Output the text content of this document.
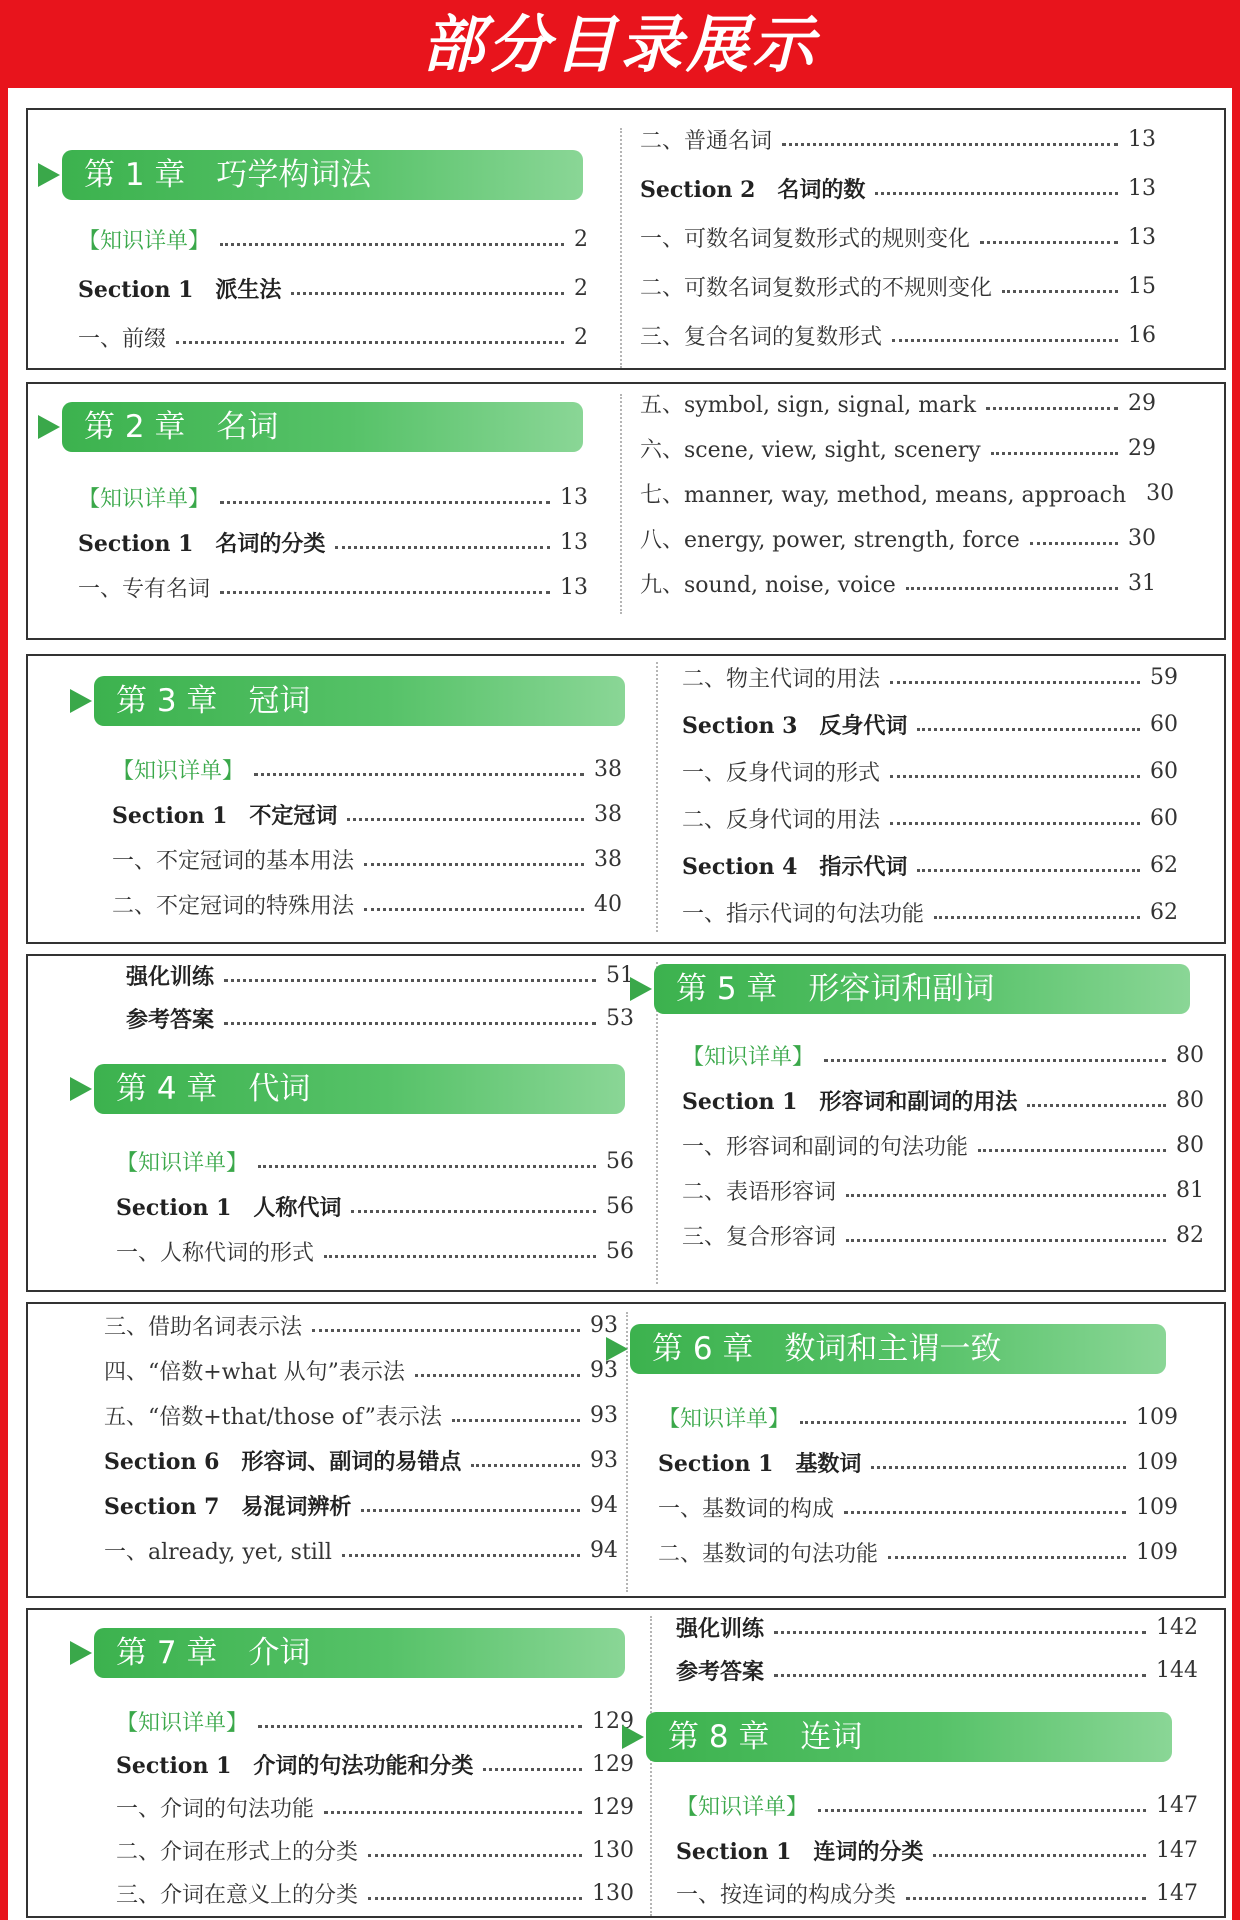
部分目录展示
第 1 章　巧学构词法
【知识详单】	2
Section 1　派生法	2
一、前缀	2
二、普通名词	13
Section 2　名词的数	13
一、可数名词复数形式的规则变化	13
二、可数名词复数形式的不规则变化	15
三、复合名词的复数形式	16
第 2 章　名词
【知识详单】	13
Section 1　名词的分类	13
一、专有名词	13
五、symbol, sign, signal, mark	29
六、scene, view, sight, scenery	29
七、manner, way, method, means, approach 30
八、energy, power, strength, force	30
九、sound, noise, voice	31
第 3 章　冠词
【知识详单】	38
Section 1　不定冠词	38
一、不定冠词的基本用法	38
二、不定冠词的特殊用法	40
二、物主代词的用法	59
Section 3　反身代词	60
一、反身代词的形式	60
二、反身代词的用法	60
Section 4　指示代词	62
一、指示代词的句法功能	62
强化训练	51
参考答案	53
第 4 章　代词
【知识详单】	56
Section 1　人称代词	56
一、人称代词的形式	56
第 5 章　形容词和副词
【知识详单】	80
Section 1　形容词和副词的用法	80
一、形容词和副词的句法功能	80
二、表语形容词	81
三、复合形容词	82
三、借助名词表示法	93
四、“倍数+what 从句”表示法	93
五、“倍数+that/those of”表示法	93
Section 6　形容词、副词的易错点	93
Section 7　易混词辨析	94
一、already, yet, still	94
第 6 章　数词和主谓一致
【知识详单】	109
Section 1　基数词	109
一、基数词的构成	109
二、基数词的句法功能	109
第 7 章　介词
【知识详单】	129
Section 1　介词的句法功能和分类	129
一、介词的句法功能	129
二、介词在形式上的分类	130
三、介词在意义上的分类	130
强化训练	142
参考答案	144
第 8 章　连词
【知识详单】	147
Section 1　连词的分类	147
一、按连词的构成分类	147
